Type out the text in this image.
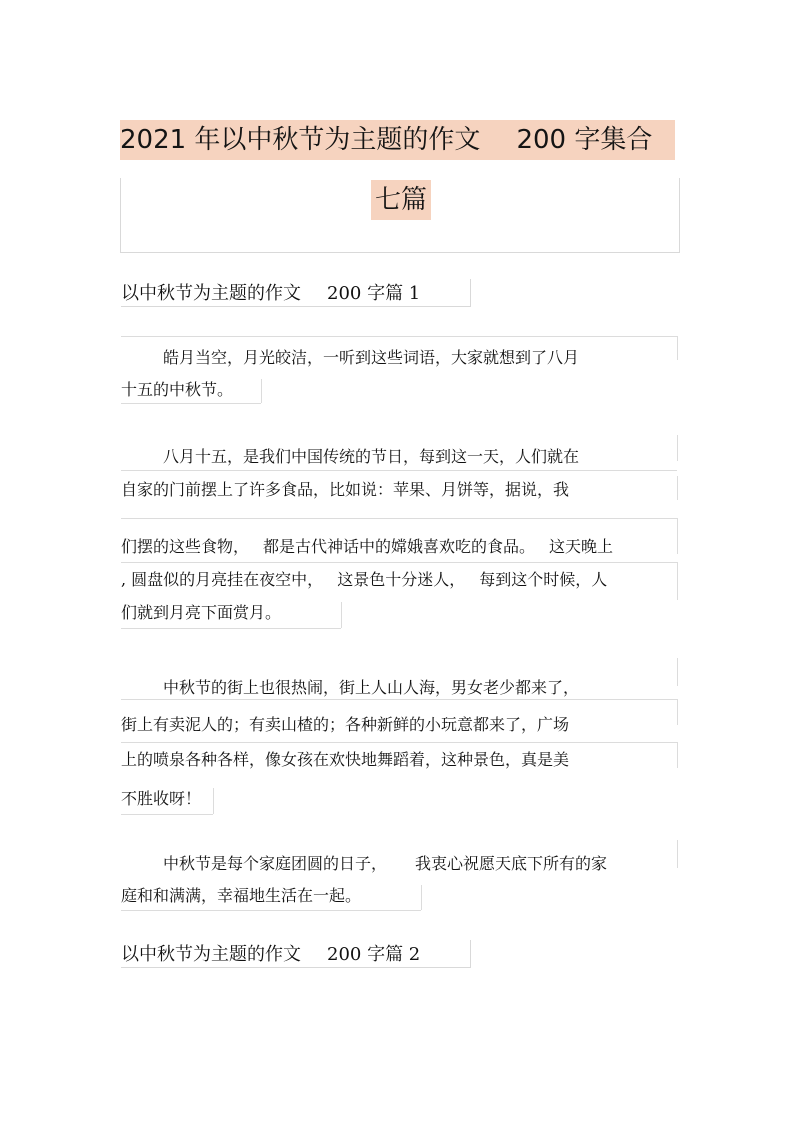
2021 年以中秋节为主题的作文 200 字集合
七篇
以中秋节为主题的作文 200 字篇 1
皓月当空，月光皎洁，一听到这些词语，大家就想到了八月
十五的中秋节。
八月十五，是我们中国传统的节日，每到这一天，人们就在
自家的门前摆上了许多食品，比如说：苹果、月饼等，据说，我
们摆的这些食物， 都是古代神话中的嫦娥喜欢吃的食品。 这天晚上
, 圆盘似的月亮挂在夜空中， 这景色十分迷人， 每到这个时候，人
们就到月亮下面赏月。
中秋节的街上也很热闹，街上人山人海，男女老少都来了，
街上有卖泥人的；有卖山楂的；各种新鲜的小玩意都来了，广场
上的喷泉各种各样，像女孩在欢快地舞蹈着，这种景色，真是美
不胜收呀！
中秋节是每个家庭团圆的日子， 我衷心祝愿天底下所有的家
庭和和满满，幸福地生活在一起。
以中秋节为主题的作文 200 字篇 2
